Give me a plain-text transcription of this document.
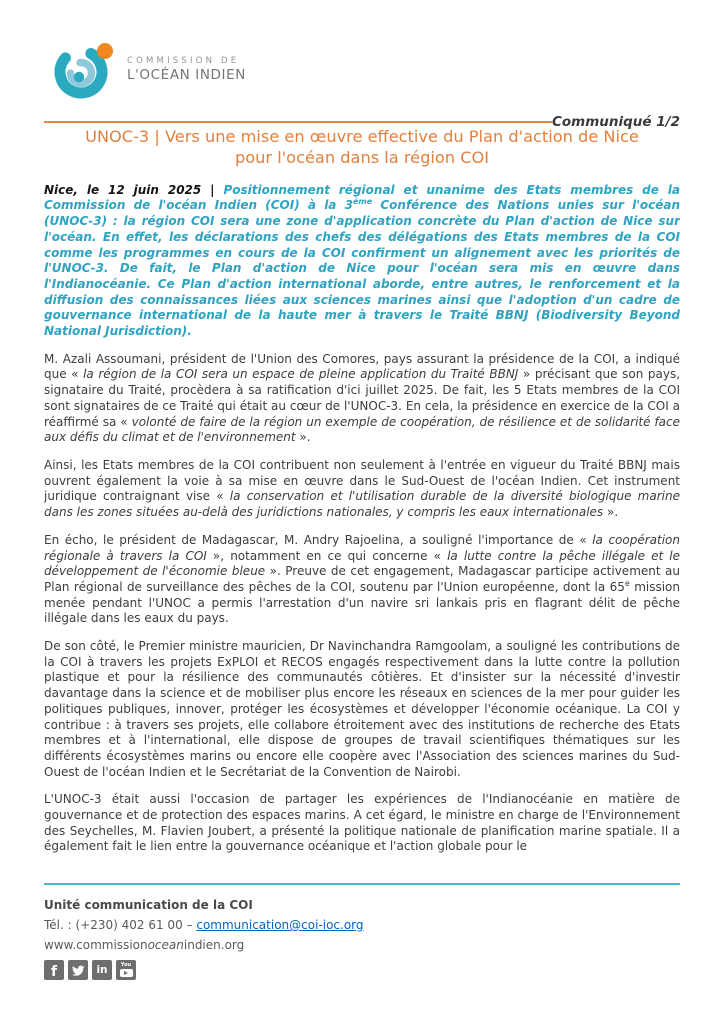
COMMISSION DE
L'OCÉAN INDIEN
Communiqué 1/2
UNOC-3 | Vers une mise en œuvre effective du Plan d'action de Nice
pour l'océan dans la région COI

Nice, le 12 juin 2025 | Positionnement régional et unanime des Etats membres de la Commission de l'océan Indien (COI) à la 3ème Conférence des Nations unies sur l'océan (UNOC-3) : la région COI sera une zone d'application concrète du Plan d'action de Nice sur l'océan. En effet, les déclarations des chefs des délégations des Etats membres de la COI comme les programmes en cours de la COI confirment un alignement avec les priorités de l'UNOC-3. De fait, le Plan d'action de Nice pour l'océan sera mis en œuvre dans l'Indianocéanie. Ce Plan d'action international aborde, entre autres, le renforcement et la diffusion des connaissances liées aux sciences marines ainsi que l'adoption d'un cadre de gouvernance international de la haute mer à travers le Traité BBNJ (Biodiversity Beyond National Jurisdiction).

M. Azali Assoumani, président de l'Union des Comores, pays assurant la présidence de la COI, a indiqué que « la région de la COI sera un espace de pleine application du Traité BBNJ » précisant que son pays, signataire du Traité, procèdera à sa ratification d'ici juillet 2025. De fait, les 5 Etats membres de la COI sont signataires de ce Traité qui était au cœur de l'UNOC-3. En cela, la présidence en exercice de la COI a réaffirmé sa « volonté de faire de la région un exemple de coopération, de résilience et de solidarité face aux défis du climat et de l'environnement ».

Ainsi, les Etats membres de la COI contribuent non seulement à l'entrée en vigueur du Traité BBNJ mais ouvrent également la voie à sa mise en œuvre dans le Sud-Ouest de l'océan Indien. Cet instrument juridique contraignant vise « la conservation et l'utilisation durable de la diversité biologique marine dans les zones situées au-delà des juridictions nationales, y compris les eaux internationales ».

En écho, le président de Madagascar, M. Andry Rajoelina, a souligné l'importance de « la coopération régionale à travers la COI », notamment en ce qui concerne « la lutte contre la pêche illégale et le développement de l'économie bleue ». Preuve de cet engagement, Madagascar participe activement au Plan régional de surveillance des pêches de la COI, soutenu par l'Union européenne, dont la 65e mission menée pendant l'UNOC a permis l'arrestation d'un navire sri lankais pris en flagrant délit de pêche illégale dans les eaux du pays.

De son côté, le Premier ministre mauricien, Dr Navinchandra Ramgoolam, a souligné les contributions de la COI à travers les projets ExPLOI et RECOS engagés respectivement dans la lutte contre la pollution plastique et pour la résilience des communautés côtières. Et d'insister sur la nécessité d'investir davantage dans la science et de mobiliser plus encore les réseaux en sciences de la mer pour guider les politiques publiques, innover, protéger les écosystèmes et développer l'économie océanique. La COI y contribue : à travers ses projets, elle collabore étroitement avec des institutions de recherche des Etats membres et à l'international, elle dispose de groupes de travail scientifiques thématiques sur les différents écosystèmes marins ou encore elle coopère avec l'Association des sciences marines du Sud-Ouest de l'océan Indien et le Secrétariat de la Convention de Nairobi.

L'UNOC-3 était aussi l'occasion de partager les expériences de l'Indianocéanie en matière de gouvernance et de protection des espaces marins. A cet égard, le ministre en charge de l'Environnement des Seychelles, M. Flavien Joubert, a présenté la politique nationale de planification marine spatiale. Il a également fait le lien entre la gouvernance océanique et l'action globale pour le

Unité communication de la COI
Tél. : (+230) 402 61 00 – communication@coi-ioc.org
www.commissionoceanindien.org
f	in	You
